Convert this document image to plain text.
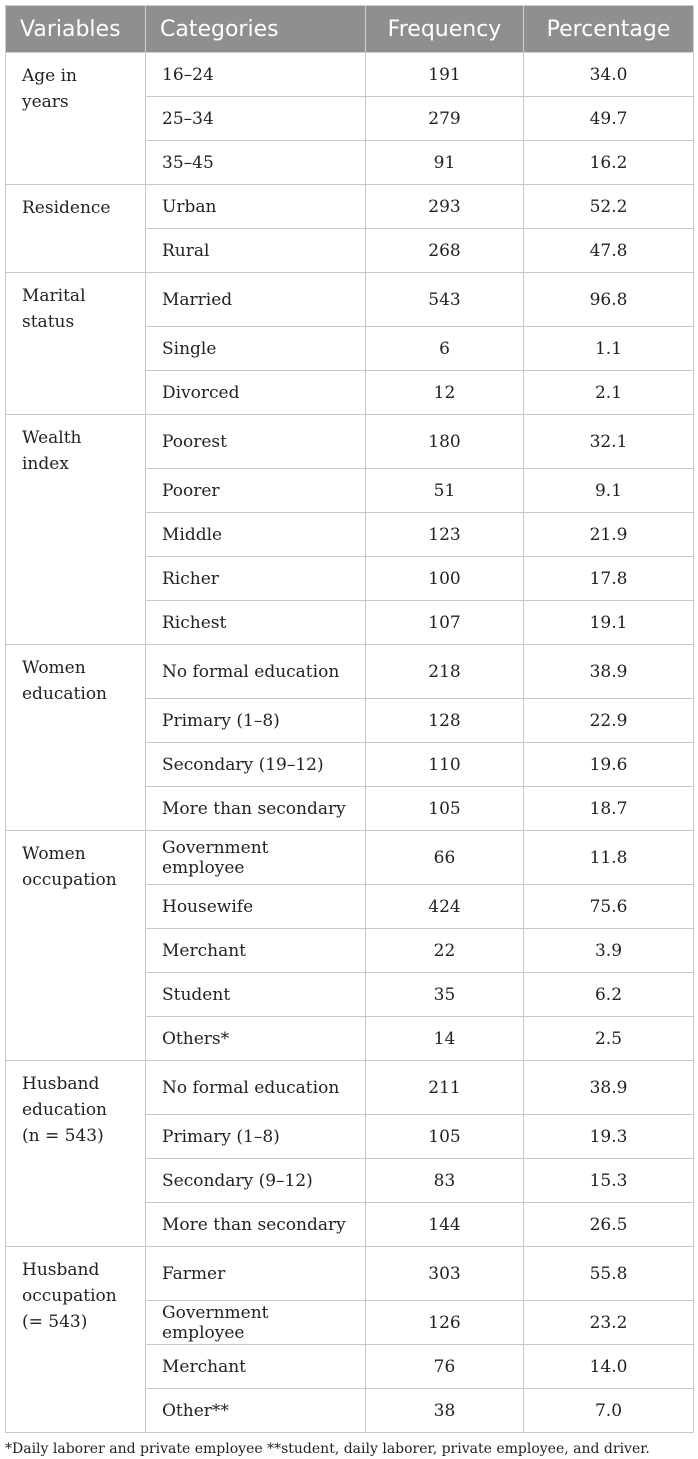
Variables	Categories	Frequency	Percentage
Age in years	16–24	191	34.0
	25–34	279	49.7
	35–45	91	16.2
Residence	Urban	293	52.2
	Rural	268	47.8
Marital status	Married	543	96.8
	Single	6	1.1
	Divorced	12	2.1
Wealth index	Poorest	180	32.1
	Poorer	51	9.1
	Middle	123	21.9
	Richer	100	17.8
	Richest	107	19.1
Women education	No formal education	218	38.9
	Primary (1–8)	128	22.9
	Secondary (19–12)	110	19.6
	More than secondary	105	18.7
Women occupation	Government employee	66	11.8
	Housewife	424	75.6
	Merchant	22	3.9
	Student	35	6.2
	Others*	14	2.5
Husband education (n = 543)	No formal education	211	38.9
	Primary (1–8)	105	19.3
	Secondary (9–12)	83	15.3
	More than secondary	144	26.5
Husband occupation (= 543)	Farmer	303	55.8
	Government employee	126	23.2
	Merchant	76	14.0
	Other**	38	7.0
*Daily laborer and private employee **student, daily laborer, private employee, and driver.
